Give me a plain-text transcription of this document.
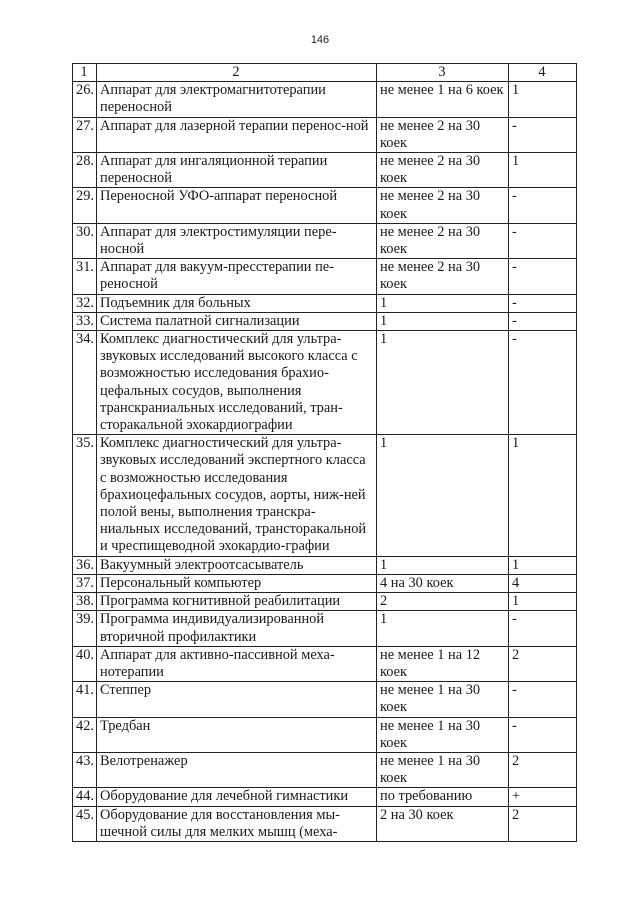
146
1	2	3	4
26.	Аппарат для электромагнитотерапии переносной	не менее 1 на 6 коек	1
27.	Аппарат для лазерной терапии перенос-ной	не менее 2 на 30 коек	-
28.	Аппарат для ингаляционной терапии переносной	не менее 2 на 30 коек	1
29.	Переносной УФО-аппарат переносной	не менее 2 на 30 коек	-
30.	Аппарат для электростимуляции пере-носной	не менее 2 на 30 коек	-
31.	Аппарат для вакуум-пресстерапии пе-реносной	не менее 2 на 30 коек	-
32.	Подъемник для больных	1	-
33.	Система палатной сигнализации	1	-
34.	Комплекс диагностический для ультра-звуковых исследований высокого класса с возможностью исследования брахио-цефальных сосудов, выполнения транскраниальных исследований, тран-сторакальной эхокардиографии	1	-
35.	Комплекс диагностический для ультра-звуковых исследований экспертного класса с возможностью исследования брахиоцефальных сосудов, аорты, ниж-ней полой вены, выполнения транскра-ниальных исследований, трансторакальной и чреспищеводной эхокардио-графии	1	1
36.	Вакуумный электроотсасыватель	1	1
37.	Персональный компьютер	4 на 30 коек	4
38.	Программа когнитивной реабилитации	2	1
39.	Программа индивидуализированной вторичной профилактики	1	-
40.	Аппарат для активно-пассивной меха-нотерапии	не менее 1 на 12 коек	2
41.	Степпер	не менее 1 на 30 коек	-
42.	Тредбан	не менее 1 на 30 коек	-
43.	Велотренажер	не менее 1 на 30 коек	2
44.	Оборудование для лечебной гимнастики	по требованию	+
45.	Оборудование для восстановления мы-шечной силы для мелких мышц (меха-	2 на 30 коек	2
